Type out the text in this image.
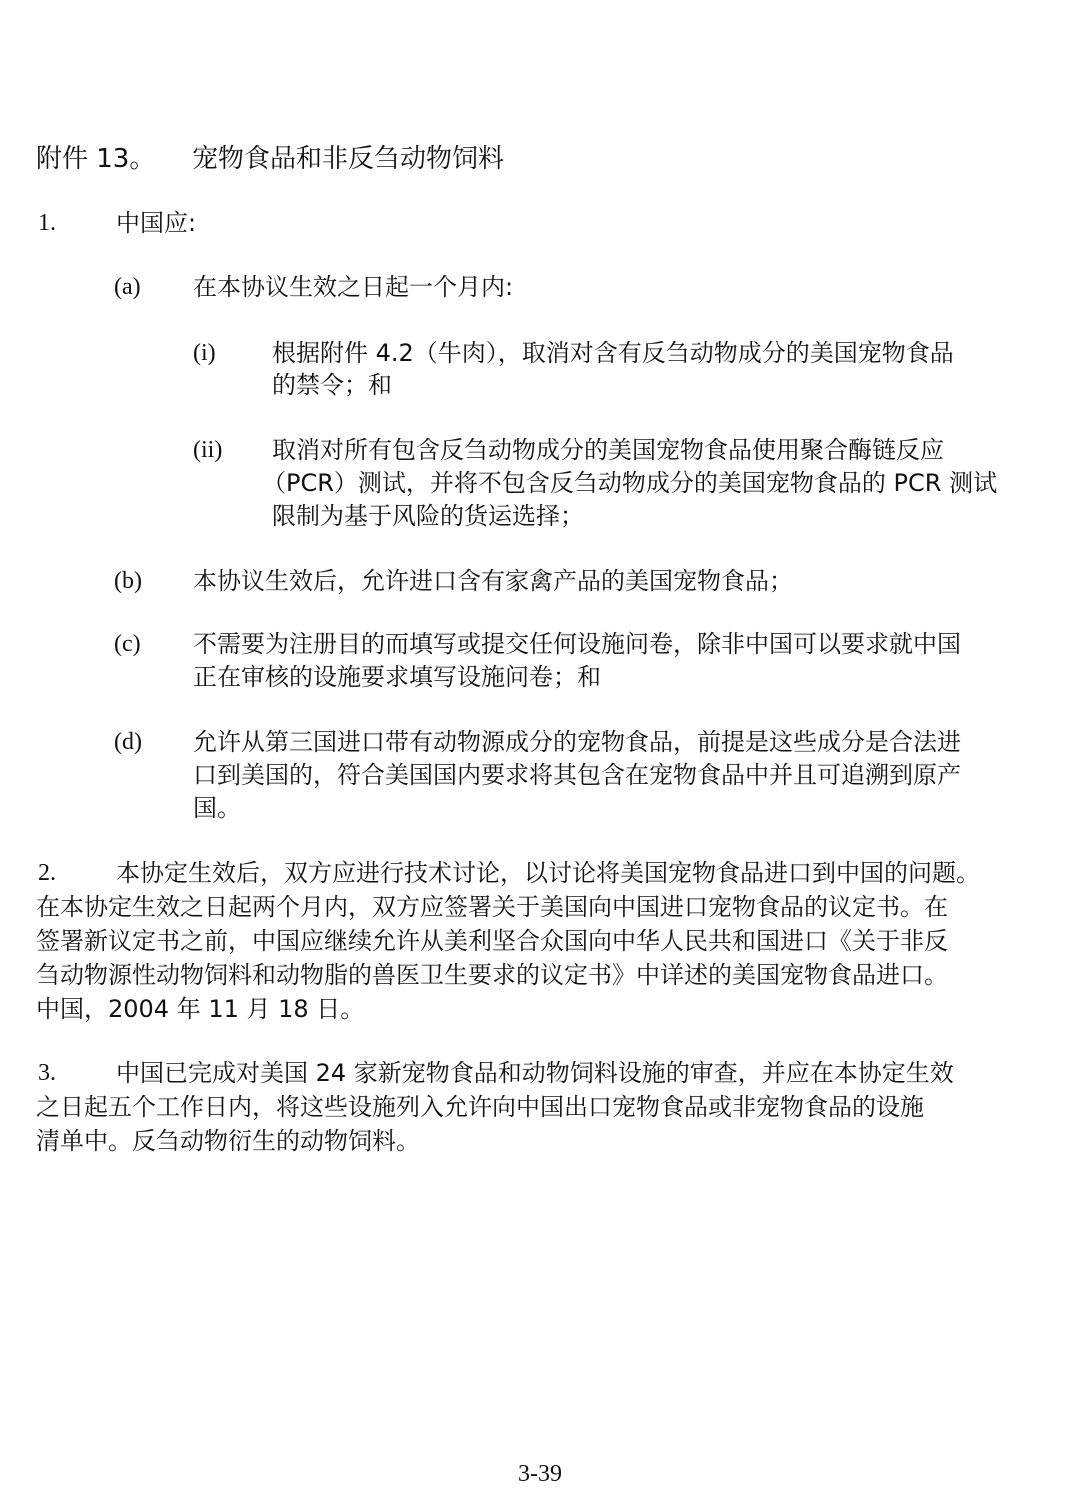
附件 13。 宠物食品和非反刍动物饲料
1.	中国应:
(a) 在本协议生效之日起一个月内:
(i) 根据附件 4.2（牛肉），取消对含有反刍动物成分的美国宠物食品
的禁令；和
(ii) 取消对所有包含反刍动物成分的美国宠物食品使用聚合酶链反应
（PCR）测试，并将不包含反刍动物成分的美国宠物食品的 PCR 测试
限制为基于风险的货运选择；
(b) 本协议生效后，允许进口含有家禽产品的美国宠物食品；
(c) 不需要为注册目的而填写或提交任何设施问卷，除非中国可以要求就中国
正在审核的设施要求填写设施问卷；和
(d) 允许从第三国进口带有动物源成分的宠物食品，前提是这些成分是合法进
口到美国的，符合美国国内要求将其包含在宠物食品中并且可追溯到原产
国。
2.	本协定生效后，双方应进行技术讨论，以讨论将美国宠物食品进口到中国的问题。
在本协定生效之日起两个月内，双方应签署关于美国向中国进口宠物食品的议定书。在
签署新议定书之前，中国应继续允许从美利坚合众国向中华人民共和国进口《关于非反
刍动物源性动物饲料和动物脂的兽医卫生要求的议定书》中详述的美国宠物食品进口。
中国，2004 年 11 月 18 日。
3.	中国已完成对美国 24 家新宠物食品和动物饲料设施的审查，并应在本协定生效
之日起五个工作日内，将这些设施列入允许向中国出口宠物食品或非宠物食品的设施
清单中。反刍动物衍生的动物饲料。
3-39
